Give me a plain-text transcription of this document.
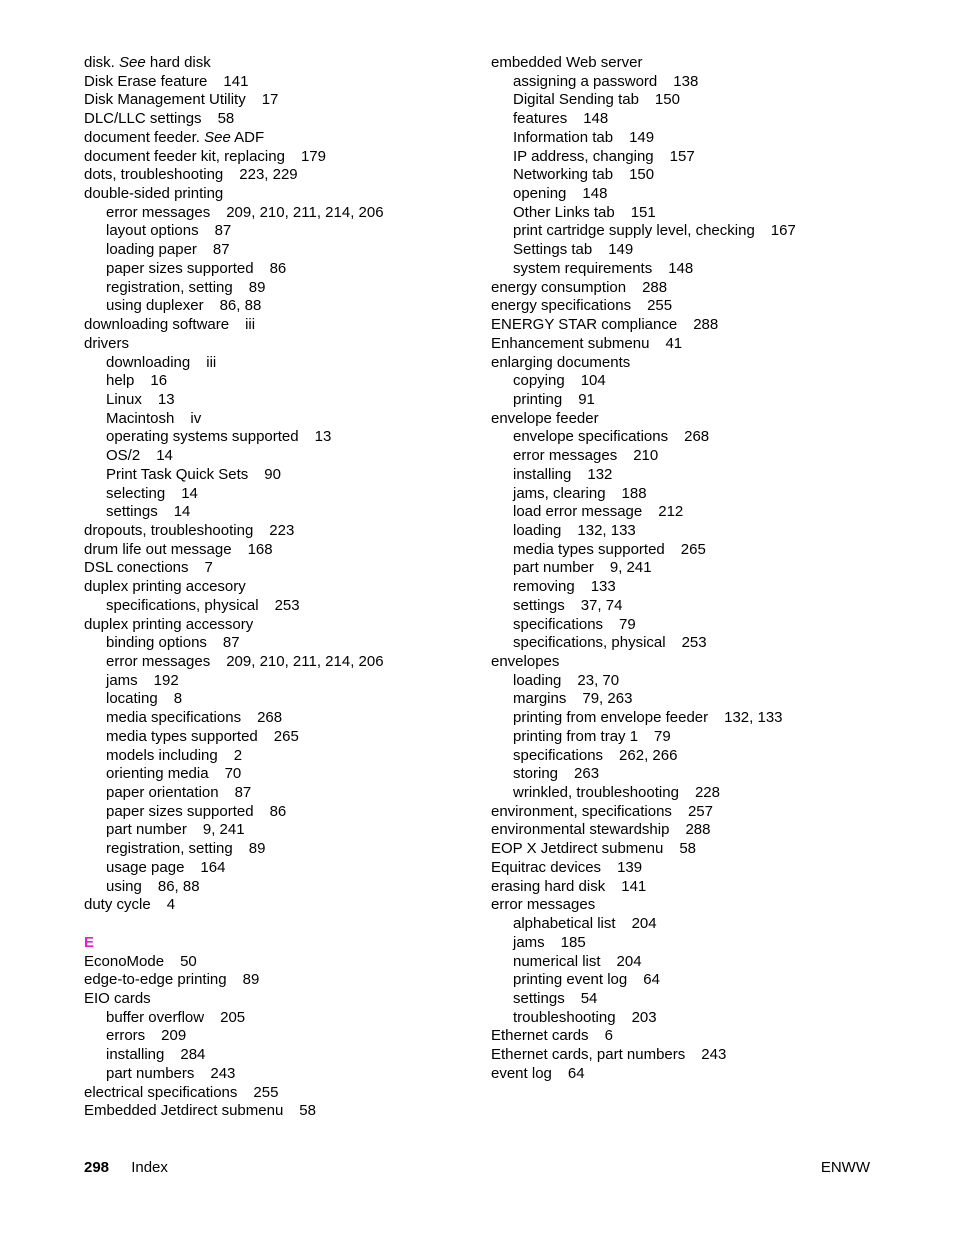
disk. See hard disk
Disk Erase feature 141
Disk Management Utility 17
DLC/LLC settings 58
document feeder. See ADF
document feeder kit, replacing 179
dots, troubleshooting 223, 229
double-sided printing
error messages 209, 210, 211, 214, 206
layout options 87
loading paper 87
paper sizes supported 86
registration, setting 89
using duplexer 86, 88
downloading software iii
drivers
downloading iii
help 16
Linux 13
Macintosh iv
operating systems supported 13
OS/2 14
Print Task Quick Sets 90
selecting 14
settings 14
dropouts, troubleshooting 223
drum life out message 168
DSL conections 7
duplex printing accesory
specifications, physical 253
duplex printing accessory
binding options 87
error messages 209, 210, 211, 214, 206
jams 192
locating 8
media specifications 268
media types supported 265
models including 2
orienting media 70
paper orientation 87
paper sizes supported 86
part number 9, 241
registration, setting 89
usage page 164
using 86, 88
duty cycle 4
E
EconoMode 50
edge-to-edge printing 89
EIO cards
buffer overflow 205
errors 209
installing 284
part numbers 243
electrical specifications 255
Embedded Jetdirect submenu 58
embedded Web server
assigning a password 138
Digital Sending tab 150
features 148
Information tab 149
IP address, changing 157
Networking tab 150
opening 148
Other Links tab 151
print cartridge supply level, checking 167
Settings tab 149
system requirements 148
energy consumption 288
energy specifications 255
ENERGY STAR compliance 288
Enhancement submenu 41
enlarging documents
copying 104
printing 91
envelope feeder
envelope specifications 268
error messages 210
installing 132
jams, clearing 188
load error message 212
loading 132, 133
media types supported 265
part number 9, 241
removing 133
settings 37, 74
specifications 79
specifications, physical 253
envelopes
loading 23, 70
margins 79, 263
printing from envelope feeder 132, 133
printing from tray 1 79
specifications 262, 266
storing 263
wrinkled, troubleshooting 228
environment, specifications 257
environmental stewardship 288
EOP X Jetdirect submenu 58
Equitrac devices 139
erasing hard disk 141
error messages
alphabetical list 204
jams 185
numerical list 204
printing event log 64
settings 54
troubleshooting 203
Ethernet cards 6
Ethernet cards, part numbers 243
event log 64
298 Index	ENWW
